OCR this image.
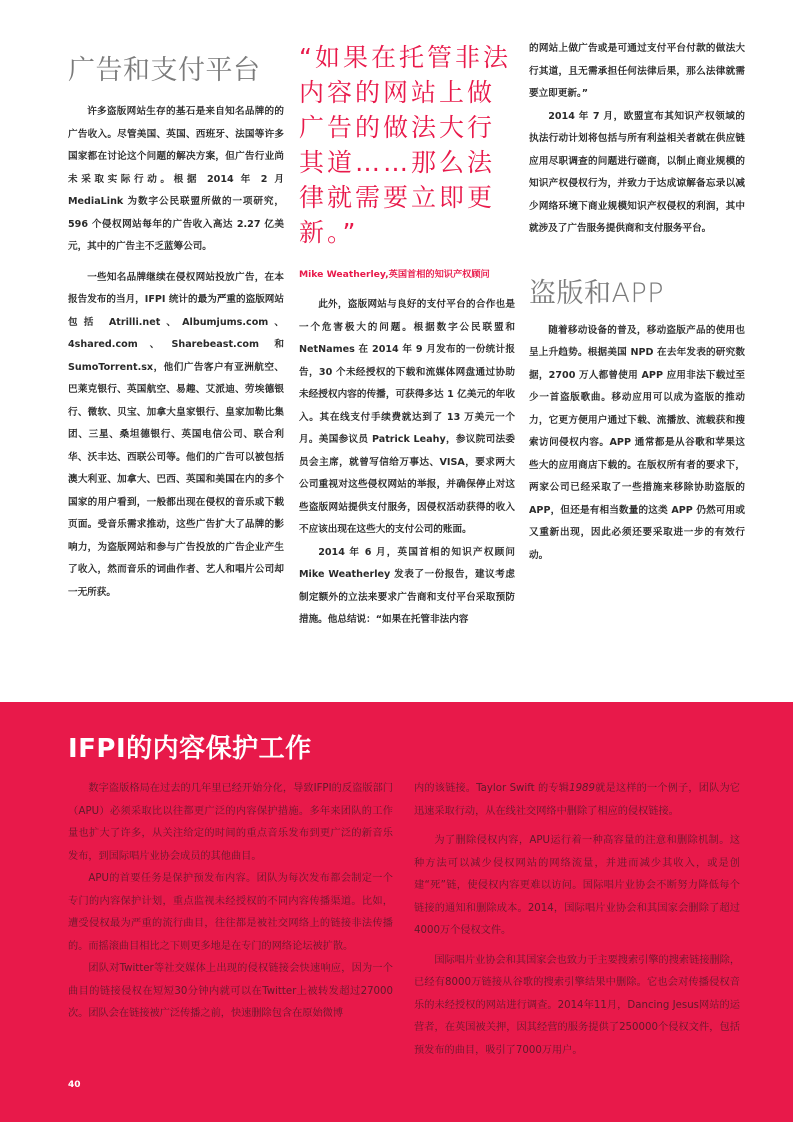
广告和支付平台

许多盗版网站生存的基石是来自知名品牌的的广告收入。尽管美国、英国、西班牙、法国等许多国家都在讨论这个问题的解决方案，但广告行业尚未采取实际行动。根据 2014 年 2 月 MediaLink 为数字公民联盟所做的一项研究，596 个侵权网站每年的广告收入高达 2.27 亿美元，其中的广告主不乏蓝筹公司。

一些知名品牌继续在侵权网站投放广告，在本报告发布的当月，IFPI 统计的最为严重的盗版网站包括 Atrilli.net、Albumjums.com、4shared.com、Sharebeast.com 和 SumoTorrent.sx，他们广告客户有亚洲航空、巴莱克银行、英国航空、易趣、艾派迪、劳埃德银行、微软、贝宝、加拿大皇家银行、皇家加勒比集团、三星、桑坦德银行、英国电信公司、联合利华、沃丰达、西联公司等。他们的广告可以被包括澳大利亚、加拿大、巴西、英国和美国在内的多个国家的用户看到，一般都出现在侵权的音乐或下载页面。受音乐需求推动，这些广告扩大了品牌的影响力，为盗版网站和参与广告投放的广告企业产生了收入，然而音乐的词曲作者、艺人和唱片公司却一无所获。

“如果在托管非法内容的网站上做广告的做法大行其道……那么法律就需要立即更新。”

Mike Weatherley,英国首相的知识产权顾问

此外，盗版网站与良好的支付平台的合作也是一个危害极大的问题。根据数字公民联盟和 NetNames 在 2014 年 9 月发布的一份统计报告，30 个未经授权的下载和流媒体网盘通过协助未经授权内容的传播，可获得多达 1 亿美元的年收入。其在线支付手续费就达到了 13 万美元一个月。美国参议员 Patrick Leahy，参议院司法委员会主席，就曾写信给万事达、VISA，要求两大公司重视对这些侵权网站的举报，并确保停止对这些盗版网站提供支付服务，因侵权活动获得的收入不应该出现在这些大的支付公司的账面。

2014 年 6 月，英国首相的知识产权顾问 Mike Weatherley 发表了一份报告，建议考虑制定额外的立法来要求广告商和支付平台采取预防措施。他总结说：“如果在托管非法内容

的网站上做广告或是可通过支付平台付款的做法大行其道，且无需承担任何法律后果，那么法律就需要立即更新。”

2014 年 7 月，欧盟宣布其知识产权领域的执法行动计划将包括与所有利益相关者就在供应链应用尽职调查的问题进行磋商，以制止商业规模的知识产权侵权行为，并致力于达成谅解备忘录以减少网络环境下商业规模知识产权侵权的利润，其中就涉及了广告服务提供商和支付服务平台。

盗版和APP

随着移动设备的普及，移动盗版产品的使用也呈上升趋势。根据美国 NPD 在去年发表的研究数据，2700 万人都曾使用 APP 应用非法下载过至少一首盗版歌曲。移动应用可以成为盗版的推动力，它更方便用户通过下载、流播放、流载获和搜索访问侵权内容。APP 通常都是从谷歌和苹果这些大的应用商店下载的。在版权所有者的要求下，两家公司已经采取了一些措施来移除协助盗版的 APP，但还是有相当数量的这类 APP 仍然可用或又重新出现，因此必须还要采取进一步的有效行动。

IFPI的内容保护工作

数字盗版格局在过去的几年里已经开始分化，导致IFPI的反盗版部门（APU）必须采取比以往都更广泛的内容保护措施。多年来团队的工作量也扩大了许多，从关注给定的时间的重点音乐发布到更广泛的新音乐发布，到国际唱片业协会成员的其他曲目。

APU的首要任务是保护预发布内容。团队为每次发布都会制定一个专门的内容保护计划，重点监视未经授权的不同内容传播渠道。比如，遭受侵权最为严重的流行曲目，往往都是被社交网络上的链接非法传播的。而摇滚曲目相比之下则更多地是在专门的网络论坛被扩散。

团队对Twitter等社交媒体上出现的侵权链接会快速响应，因为一个曲目的链接侵权在短短30分钟内就可以在Twitter上被转发超过27000次。团队会在链接被广泛传播之前，快速删除包含在原始微博

内的该链接。Taylor Swift 的专辑1989就是这样的一个例子，团队为它迅速采取行动，从在线社交网络中删除了相应的侵权链接。

为了删除侵权内容，APU运行着一种高容量的注意和删除机制。这种方法可以减少侵权网站的网络流量，并进而减少其收入，或是创建“死”链，使侵权内容更难以访问。国际唱片业协会不断努力降低每个链接的通知和删除成本。2014，国际唱片业协会和其国家会删除了超过4000万个侵权文件。

国际唱片业协会和其国家会也致力于主要搜索引擎的搜索链接删除，已经有8000万链接从谷歌的搜索引擎结果中删除。它也会对传播侵权音乐的未经授权的网站进行调查。2014年11月，Dancing Jesus网站的运营者，在英国被关押，因其经营的服务提供了250000个侵权文件，包括预发布的曲目，吸引了7000万用户。

40
